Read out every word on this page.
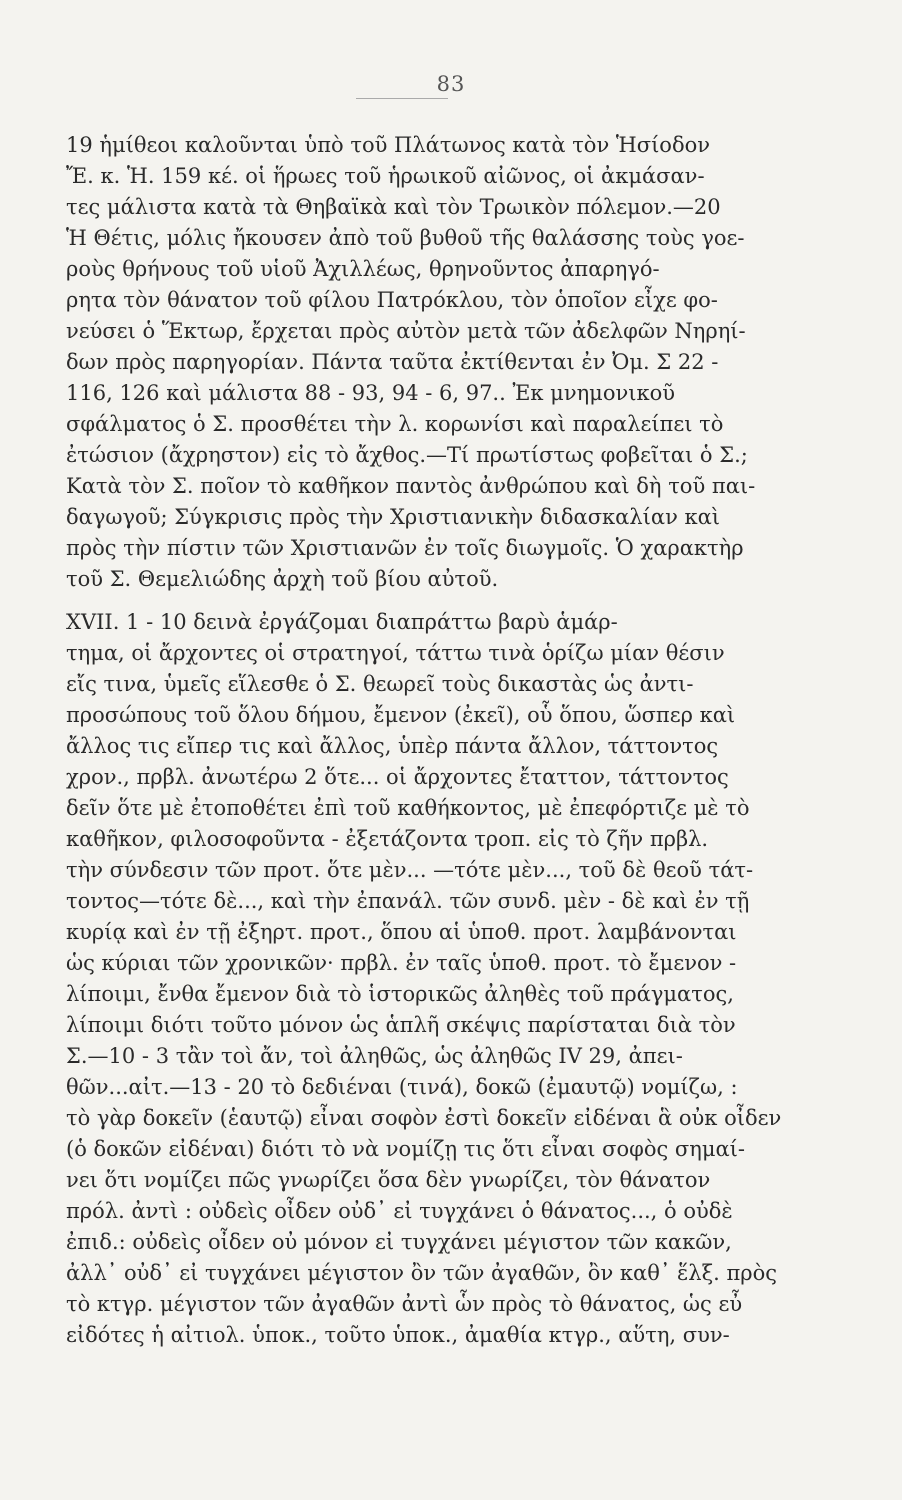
83
19 ἡμίθεοι καλοῦνται ὑπὸ τοῦ Πλάτωνος κατὰ τὸν Ἡσίοδον
Ἔ. κ. Ἡ. 159 κέ. οἱ ἥρωες τοῦ ἡρωικοῦ αἰῶνος, οἱ ἀκμάσαν-
τες μάλιστα κατὰ τὰ Θηβαϊκὰ καὶ τὸν Τρωικὸν πόλεμον.—20
Ἡ Θέτις, μόλις ἤκουσεν ἀπὸ τοῦ βυθοῦ τῆς θαλάσσης τοὺς γοε-
ροὺς θρήνους τοῦ υἱοῦ Ἀχιλλέως, θρηνοῦντος ἀπαρηγό-
ρητα τὸν θάνατον τοῦ φίλου Πατρόκλου, τὸν ὁποῖον εἶχε φο-
νεύσει ὁ Ἕκτωρ, ἔρχεται πρὸς αὐτὸν μετὰ τῶν ἀδελφῶν Νηρηί-
δων πρὸς παρηγορίαν. Πάντα ταῦτα ἐκτίθενται ἐν Ὀμ. Σ 22 -
116, 126 καὶ μάλιστα 88 - 93, 94 - 6, 97.. Ἐκ μνημονικοῦ
σφάλματος ὁ Σ. προσθέτει τὴν λ. κορωνίσι καὶ παραλείπει τὸ
ἐτώσιον (ἄχρηστον) εἰς τὸ ἄχθος.—Τί πρωτίστως φοβεῖται ὁ Σ.;
Κατὰ τὸν Σ. ποῖον τὸ καθῆκον παντὸς ἀνθρώπου καὶ δὴ τοῦ παι-
δαγωγοῦ; Σύγκρισις πρὸς τὴν Χριστιανικὴν διδασκαλίαν καὶ
πρὸς τὴν πίστιν τῶν Χριστιανῶν ἐν τοῖς διωγμοῖς. Ὁ χαρακτὴρ
τοῦ Σ. Θεμελιώδης ἀρχὴ τοῦ βίου αὐτοῦ.
XVII. 1 - 10 δεινὰ ἐργάζομαι διαπράττω βαρὺ ἁμάρ-
τημα, οἱ ἄρχοντες οἱ στρατηγοί, τάττω τινὰ ὁρίζω μίαν θέσιν
εἴς τινα, ὑμεῖς εἵλεσθε ὁ Σ. θεωρεῖ τοὺς δικαστὰς ὡς ἀντι-
προσώπους τοῦ ὅλου δήμου, ἔμενον (ἐκεῖ), οὗ ὅπου, ὥσπερ καὶ
ἄλλος τις εἴπερ τις καὶ ἄλλος, ὑπὲρ πάντα ἄλλον, τάττοντος
χρον., πρβλ. ἀνωτέρω 2 ὅτε... οἱ ἄρχοντες ἔταττον, τάττοντος
δεῖν ὅτε μὲ ἐτοποθέτει ἐπὶ τοῦ καθήκοντος, μὲ ἐπεφόρτιζε μὲ τὸ
καθῆκον, φιλοσοφοῦντα - ἐξετάζοντα τροπ. εἰς τὸ ζῆν πρβλ.
τὴν σύνδεσιν τῶν προτ. ὅτε μὲν... —τότε μὲν..., τοῦ δὲ θεοῦ τάτ-
τοντος—τότε δὲ..., καὶ τὴν ἐπανάλ. τῶν συνδ. μὲν - δὲ καὶ ἐν τῇ
κυρίᾳ καὶ ἐν τῇ ἐξηρτ. προτ., ὅπου αἱ ὑποθ. προτ. λαμβάνονται
ὡς κύριαι τῶν χρονικῶν· πρβλ. ἐν ταῖς ὑποθ. προτ. τὸ ἔμενον -
λίποιμι, ἔνθα ἔμενον διὰ τὸ ἱστορικῶς ἀληθὲς τοῦ πράγματος,
λίποιμι διότι τοῦτο μόνον ὡς ἁπλῆ σκέψις παρίσταται διὰ τὸν
Σ.—10 - 3 τἂν τοὶ ἄν, τοὶ ἀληθῶς, ὡς ἀληθῶς IV 29, ἀπει-
θῶν...αἰτ.—13 - 20 τὸ δεδιέναι (τινά), δοκῶ (ἐμαυτῷ) νομίζω, :
τὸ γὰρ δοκεῖν (ἑαυτῷ) εἶναι σοφὸν ἐστὶ δοκεῖν εἰδέναι ἃ οὐκ οἶδεν
(ὁ δοκῶν εἰδέναι) διότι τὸ νὰ νομίζῃ τις ὅτι εἶναι σοφὸς σημαί-
νει ὅτι νομίζει πῶς γνωρίζει ὅσα δὲν γνωρίζει, τὸν θάνατον
πρόλ. ἀντὶ : οὐδεὶς οἶδεν οὐδ᾽ εἰ τυγχάνει ὁ θάνατος..., ὁ οὐδὲ
ἐπιδ.: οὐδεὶς οἶδεν οὐ μόνον εἰ τυγχάνει μέγιστον τῶν κακῶν,
ἀλλ᾽ οὐδ᾽ εἰ τυγχάνει μέγιστον ὂν τῶν ἀγαθῶν, ὂν καθ᾽ ἕλξ. πρὸς
τὸ κτγρ. μέγιστον τῶν ἀγαθῶν ἀντὶ ὧν πρὸς τὸ θάνατος, ὡς εὖ
εἰδότες ἡ αἰτιολ. ὑποκ., τοῦτο ὑποκ., ἀμαθία κτγρ., αὕτη, συν-
